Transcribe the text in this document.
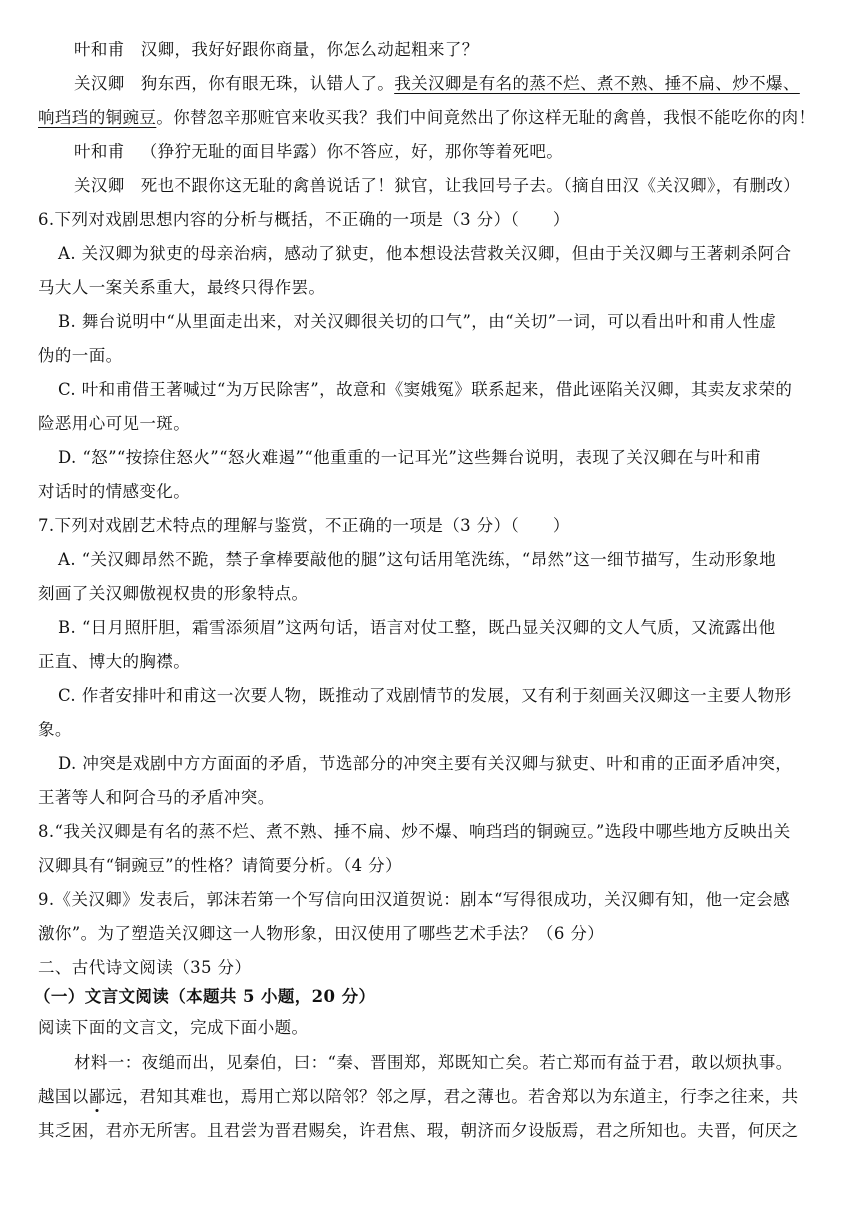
叶和甫 汉卿，我好好跟你商量，你怎么动起粗来了？
关汉卿 狗东西，你有眼无珠，认错人了。我关汉卿是有名的蒸不烂、煮不熟、捶不扁、炒不爆、
响珰珰的铜豌豆。你替忽辛那赃官来收买我？我们中间竟然出了你这样无耻的禽兽，我恨不能吃你的肉！
叶和甫 （狰狞无耻的面目毕露）你不答应，好，那你等着死吧。
关汉卿 死也不跟你这无耻的禽兽说话了！狱官，让我回号子去。（摘自田汉《关汉卿》，有删改）
6.下列对戏剧思想内容的分析与概括，不正确的一项是（3 分）（　　）
A. 关汉卿为狱吏的母亲治病，感动了狱吏，他本想设法营救关汉卿，但由于关汉卿与王著刺杀阿合
马大人一案关系重大，最终只得作罢。
B. 舞台说明中“从里面走出来，对关汉卿很关切的口气”，由“关切”一词，可以看出叶和甫人性虚
伪的一面。
C. 叶和甫借王著喊过“为万民除害”，故意和《窦娥冤》联系起来，借此诬陷关汉卿，其卖友求荣的
险恶用心可见一斑。
D. “怒”“按捺住怒火”“怒火难遏”“他重重的一记耳光”这些舞台说明，表现了关汉卿在与叶和甫
对话时的情感变化。
7.下列对戏剧艺术特点的理解与鉴赏，不正确的一项是（3 分）（　　）
A. “关汉卿昂然不跪，禁子拿棒要敲他的腿”这句话用笔洗练，“昂然”这一细节描写，生动形象地
刻画了关汉卿傲视权贵的形象特点。
B. “日月照肝胆，霜雪添须眉”这两句话，语言对仗工整，既凸显关汉卿的文人气质，又流露出他
正直、博大的胸襟。
C. 作者安排叶和甫这一次要人物，既推动了戏剧情节的发展，又有利于刻画关汉卿这一主要人物形
象。
D. 冲突是戏剧中方方面面的矛盾，节选部分的冲突主要有关汉卿与狱吏、叶和甫的正面矛盾冲突，
王著等人和阿合马的矛盾冲突。
8.“我关汉卿是有名的蒸不烂、煮不熟、捶不扁、炒不爆、响珰珰的铜豌豆。”选段中哪些地方反映出关
汉卿具有“铜豌豆”的性格？请简要分析。（4 分）
9.《关汉卿》发表后，郭沫若第一个写信向田汉道贺说：剧本“写得很成功，关汉卿有知，他一定会感
激你”。为了塑造关汉卿这一人物形象，田汉使用了哪些艺术手法？（6 分）
二、古代诗文阅读（35 分）
（一）文言文阅读（本题共 5 小题，20 分）
阅读下面的文言文，完成下面小题。
材料一：夜缒而出，见秦伯，曰：“秦、晋围郑，郑既知亡矣。若亡郑而有益于君，敢以烦执事。
越国以鄙远，君知其难也，焉用亡郑以陪邻？邻之厚，君之薄也。若舍郑以为东道主，行李之往来，共
其乏困，君亦无所害。且君尝为晋君赐矣，许君焦、瑕，朝济而夕设版焉，君之所知也。夫晋，何厌之
